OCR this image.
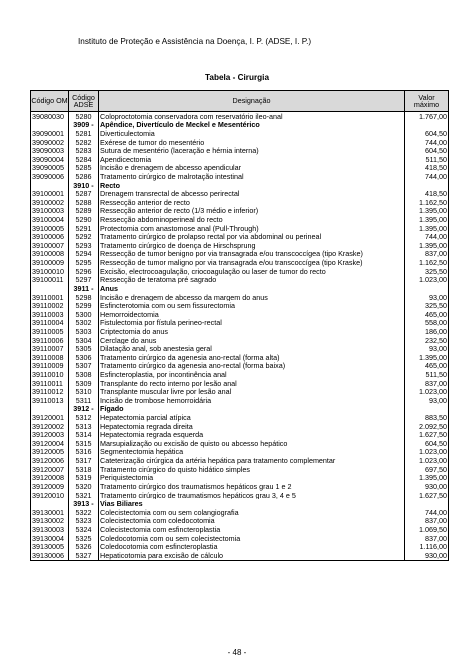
Instituto de Proteção e Assistência na Doença, I. P. (ADSE, I. P.)
Tabela - Cirurgia
Código OM	Código ADSE	Designação	Valor máximo
39080030	5280	Coloproctotomia conservadora com reservatório ileo-anal	1.767,00
	3909 -	Apêndice, Divertículo de Meckel e Mesentérico	
39090001	5281	Diverticulectomia	604,50
39090002	5282	Exérese de tumor do mesentério	744,00
39090003	5283	Sutura de mesentério (laceração e hérnia interna)	604,50
39090004	5284	Apendicectomia	511,50
39090005	5285	Incisão e drenagem de abcesso apendicular	418,50
39090006	5286	Tratamento cirúrgico de malrotação intestinal	744,00
	3910 -	Recto	
39100001	5287	Drenagem transrectal de abcesso perirectal	418,50
39100002	5288	Ressecção anterior de recto	1.162,50
39100003	5289	Ressecção anterior de recto (1/3 médio e inferior)	1.395,00
39100004	5290	Ressecção abdominoperineal do recto	1.395,00
39100005	5291	Protectomia com anastomose anal (Pull-Through)	1.395,00
39100006	5292	Tratamento cirúrgico de prolapso rectal por via abdominal ou perineal	744,00
39100007	5293	Tratamento cirúrgico de doença de Hirschsprung	1.395,00
39100008	5294	Ressecção de tumor benigno por via transagrada e/ou transcoccígea (tipo Kraske)	837,00
39100009	5295	Ressecção de tumor maligno por via transagrada e/ou transcoccígea (tipo Kraske)	1.162,50
39100010	5296	Excisão, electrocoagulação, criocoagulação ou laser de tumor do recto	325,50
39100011	5297	Ressecção de teratoma pré sagrado	1.023,00
	3911 -	Anus	
39110001	5298	Incisão e drenagem de abcesso da margem do anus	93,00
39110002	5299	Esfincterotomia com ou sem fissurectomia	325,50
39110003	5300	Hemorroidectomia	465,00
39110004	5302	Fistulectomia por fístula perineo-rectal	558,00
39110005	5303	Criptectomia do anus	186,00
39110006	5304	Cerclage do anus	232,50
39110007	5305	Dilatação anal, sob anestesia geral	93,00
39110008	5306	Tratamento cirúrgico da agenesia ano-rectal (forma alta)	1.395,00
39110009	5307	Tratamento cirúrgico da agenesia ano-rectal (forma baixa)	465,00
39110010	5308	Esfincteroplastia, por incontinência anal	511,50
39110011	5309	Transplante do recto interno por lesão anal	837,00
39110012	5310	Transplante muscular livre por lesão anal	1.023,00
39110013	5311	Incisão de trombose hemorroidária	93,00
	3912 -	Fígado	
39120001	5312	Hepatectomia parcial atípica	883,50
39120002	5313	Hepatectomia regrada direita	2.092,50
39120003	5314	Hepatectomia regrada esquerda	1.627,50
39120004	5315	Marsupialização ou excisão de quisto ou abcesso hepático	604,50
39120005	5316	Segmentectomia hepática	1.023,00
39120006	5317	Cateterização cirúrgica da artéria hepática para tratamento complementar	1.023,00
39120007	5318	Tratamento cirúrgico do quisto hidático simples	697,50
39120008	5319	Periquistectomia	1.395,00
39120009	5320	Tratamento cirúrgico dos traumatismos hepáticos grau 1 e 2	930,00
39120010	5321	Tratamento cirúrgico de traumatismos hepáticos grau 3, 4 e 5	1.627,50
	3913 -	Vias Biliares	
39130001	5322	Colecistectomia com ou sem colangiografia	744,00
39130002	5323	Colecistectomia com coledocotomia	837,00
39130003	5324	Colecistectomia com esfincteroplastia	1.069,50
39130004	5325	Coledocotomia com ou sem colecistectomia	837,00
39130005	5326	Coledocotomia com esfincteroplastia	1.116,00
39130006	5327	Hepaticotomia para excisão de cálculo	930,00
- 48 -
